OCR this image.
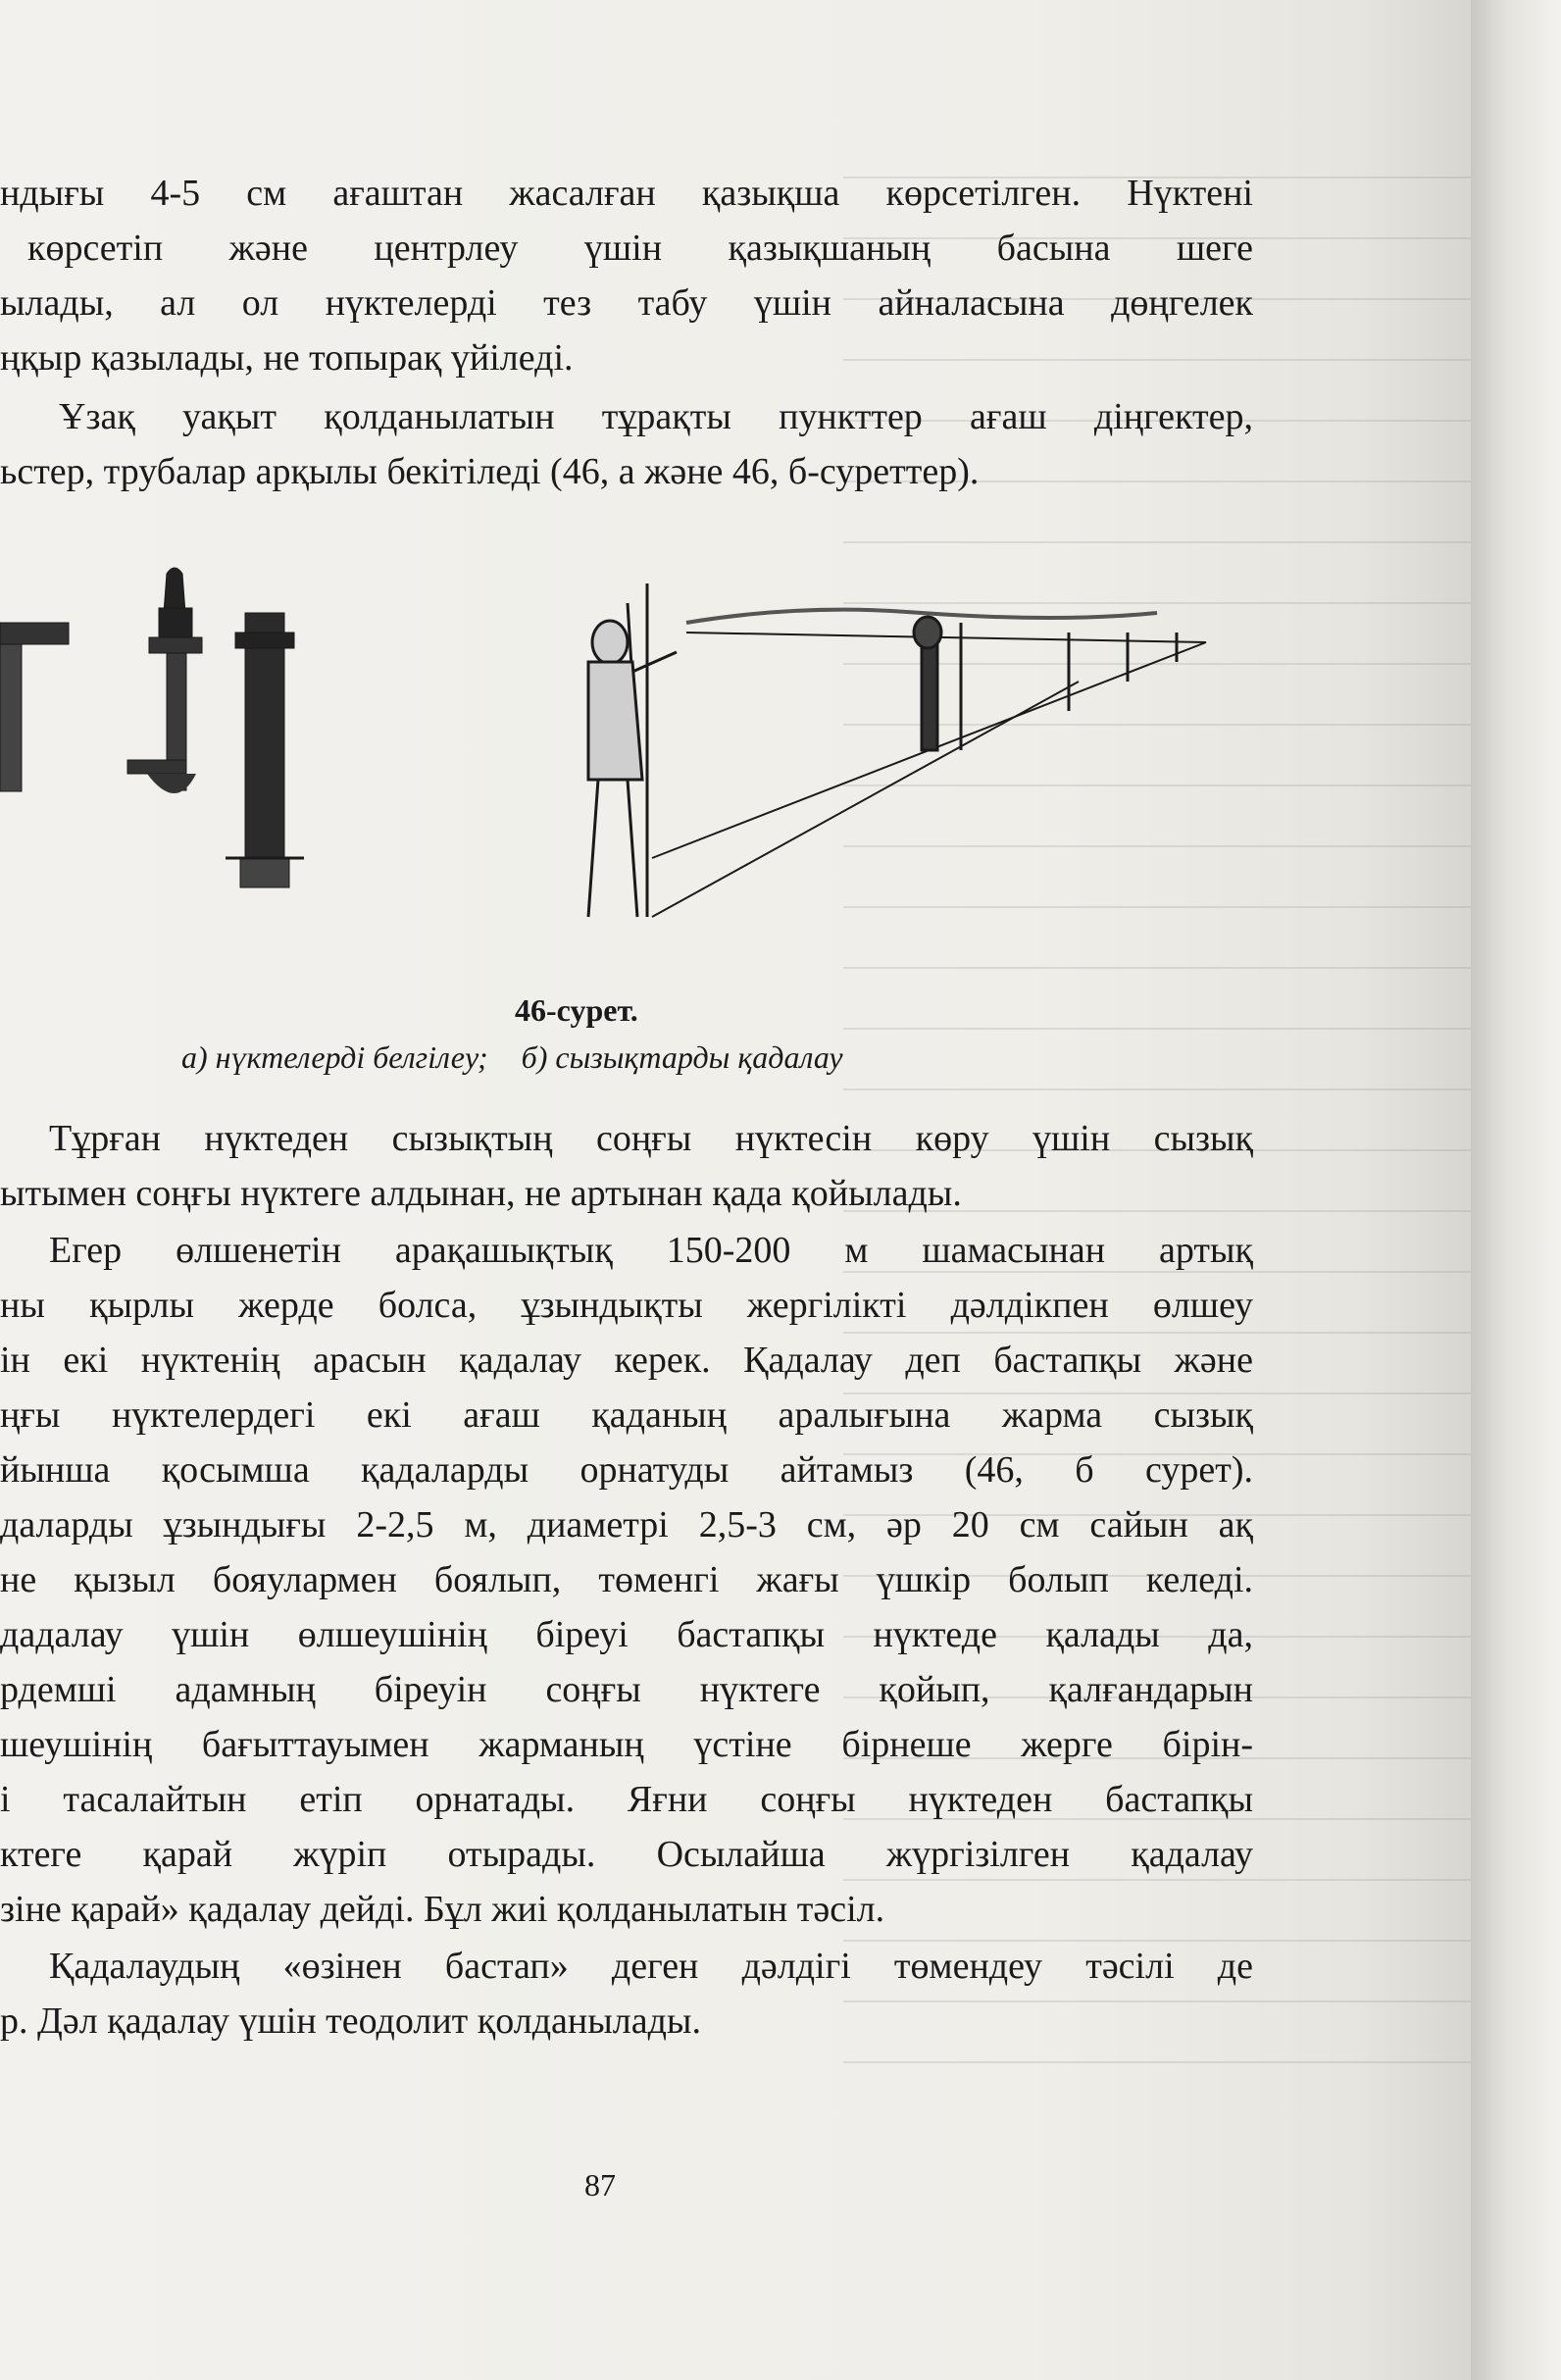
ндығы 4-5 см ағаштан жасалған қазықша көрсетілген. Нүктені
көрсетіп және центрлеу үшін қазықшаның басына шеге
ылады, ал ол нүктелерді тез табу үшін айналасына дөңгелек
ңқыр қазылады, не топырақ үйіледі.
Ұзақ уақыт қолданылатын тұрақты пункттер ағаш діңгектер,
ьстер, трубалар арқылы бекітіледі (46, а және 46, б-суреттер).
46-сурет.
а) нүктелерді белгілеу; б) сызықтарды қадалау
Тұрған нүктеден сызықтың соңғы нүктесін көру үшін сызық
ытымен соңғы нүктеге алдынан, не артынан қада қойылады.
Егер өлшенетін арақашықтық 150-200 м шамасынан артық
ны қырлы жерде болса, ұзындықты жергілікті дәлдікпен өлшеу
ін екі нүктенің арасын қадалау керек. Қадалау деп бастапқы және
ңғы нүктелердегі екі ағаш қаданың аралығына жарма сызық
йынша қосымша қадаларды орнатуды айтамыз (46, б сурет).
даларды ұзындығы 2-2,5 м, диаметрі 2,5-3 см, әр 20 см сайын ақ
не қызыл бояулармен боялып, төменгі жағы үшкір болып келеді.
дадалау үшін өлшеушінің біреуі бастапқы нүктеде қалады да,
рдемші адамның біреуін соңғы нүктеге қойып, қалғандарын
шеушінің бағыттауымен жарманың үстіне бірнеше жерге бірін-
і тасалайтын етіп орнатады. Яғни соңғы нүктеден бастапқы
ктеге қарай жүріп отырады. Осылайша жүргізілген қадалау
зіне қарай» қадалау дейді. Бұл жиі қолданылатын тәсіл.
Қадалаудың «өзінен бастап» деген дәлдігі төмендеу тәсілі де
р. Дәл қадалау үшін теодолит қолданылады.
87
